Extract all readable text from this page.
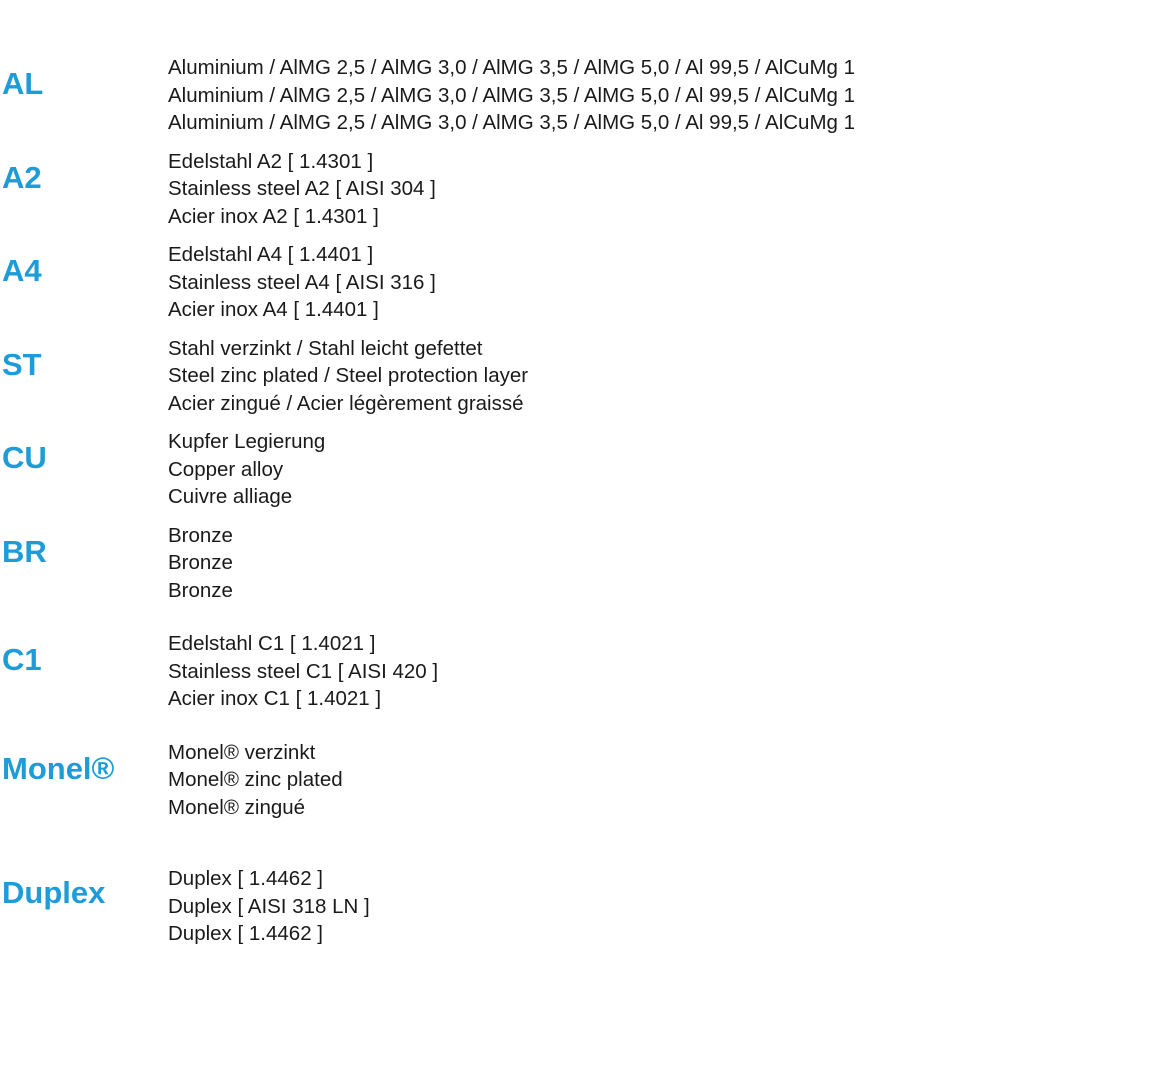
AL	Aluminium / AlMG 2,5 / AlMG 3,0 / AlMG 3,5 / AlMG 5,0 / Al 99,5 / AlCuMg 1
Aluminium / AlMG 2,5 / AlMG 3,0 / AlMG 3,5 / AlMG 5,0 / Al 99,5 / AlCuMg 1
Aluminium / AlMG 2,5 / AlMG 3,0 / AlMG 3,5 / AlMG 5,0 / Al 99,5 / AlCuMg 1
A2	Edelstahl A2 [ 1.4301 ]
Stainless steel A2 [ AISI 304 ]
Acier inox A2 [ 1.4301 ]
A4	Edelstahl A4 [ 1.4401 ]
Stainless steel A4 [ AISI 316 ]
Acier inox A4 [ 1.4401 ]
ST	Stahl verzinkt / Stahl leicht gefettet
Steel zinc plated / Steel protection layer
Acier zingué / Acier légèrement graissé
CU	Kupfer Legierung
Copper alloy
Cuivre alliage
BR	Bronze
Bronze
Bronze
C1	Edelstahl C1 [ 1.4021 ]
Stainless steel C1 [ AISI 420 ]
Acier inox C1 [ 1.4021 ]
Monel®	Monel® verzinkt
Monel® zinc plated
Monel® zingué
Duplex	Duplex [ 1.4462 ]
Duplex [ AISI 318 LN ]
Duplex [ 1.4462 ]
